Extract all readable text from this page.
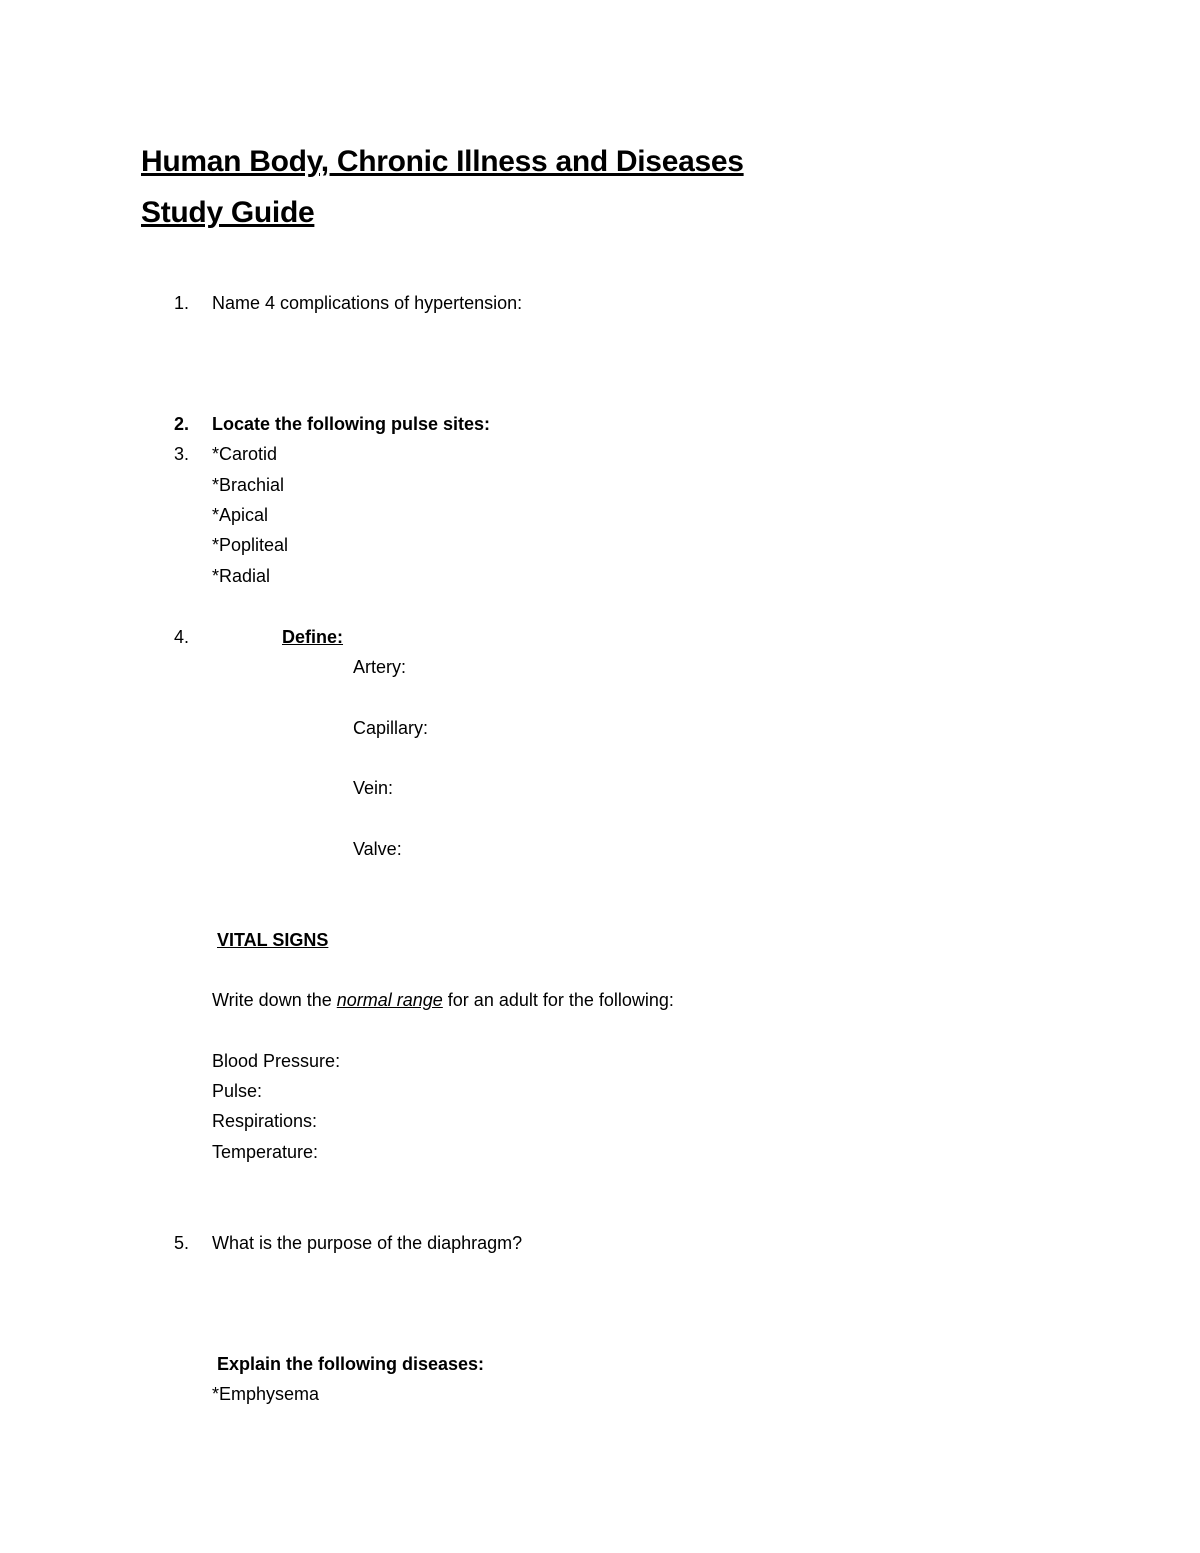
Human Body, Chronic Illness and Diseases
Study Guide
1. Name 4 complications of hypertension:
2. Locate the following pulse sites:
3. *Carotid
*Brachial
*Apical
*Popliteal
*Radial
4.	Define:
Artery:
Capillary:
Vein:
Valve:
VITAL SIGNS
Write down the normal range for an adult for the following:
Blood Pressure:
Pulse:
Respirations:
Temperature:
5. What is the purpose of the diaphragm?
Explain the following diseases:
*Emphysema
